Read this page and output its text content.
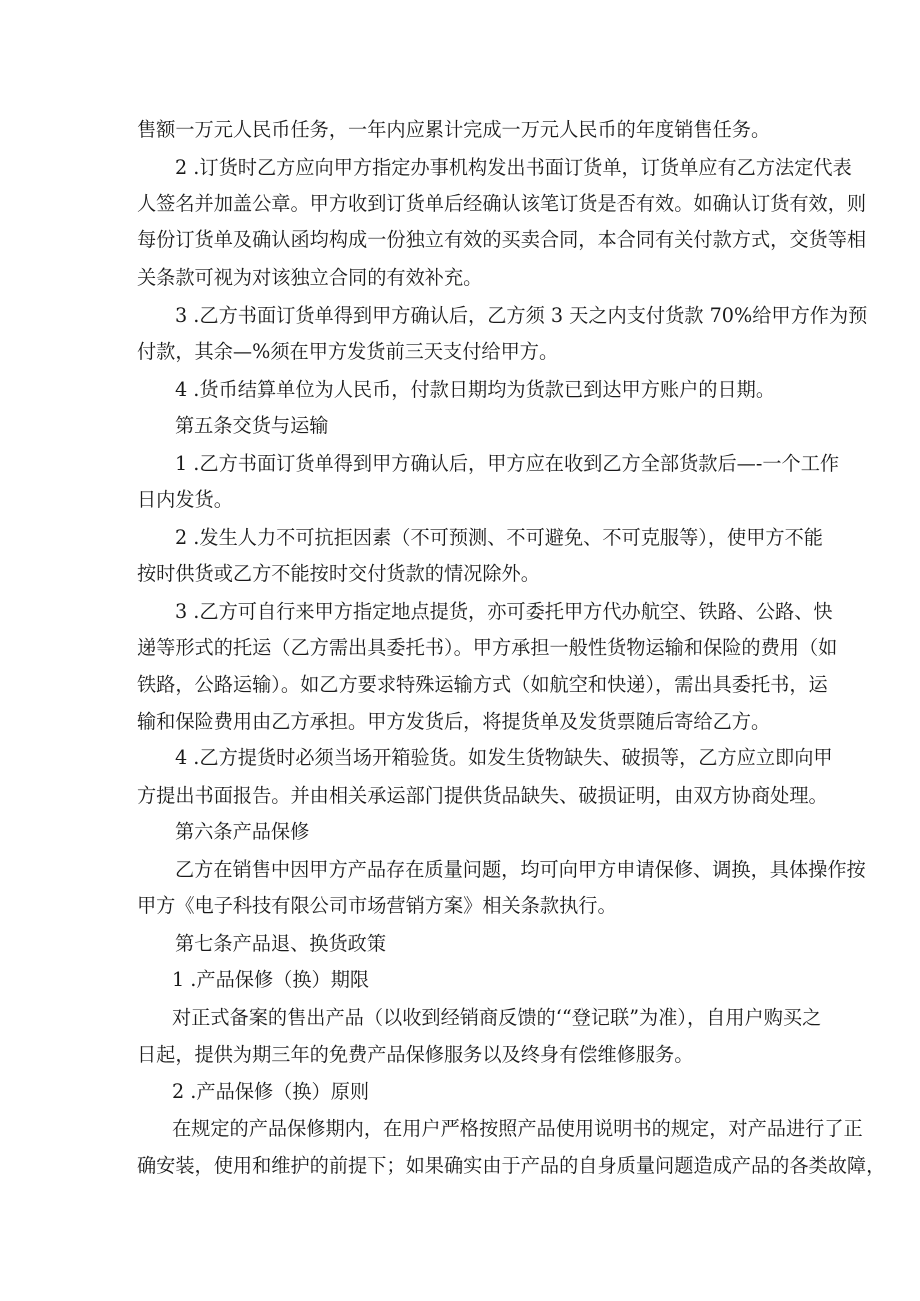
售额一万元人民币任务，一年内应累计完成一万元人民币的年度销售任务。
2 .订货时乙方应向甲方指定办事机构发出书面订货单，订货单应有乙方法定代表
人签名并加盖公章。甲方收到订货单后经确认该笔订货是否有效。如确认订货有效，则
每份订货单及确认函均构成一份独立有效的买卖合同，本合同有关付款方式，交货等相
关条款可视为对该独立合同的有效补充。
3 .乙方书面订货单得到甲方确认后，乙方须 3 天之内支付货款 70%给甲方作为预
付款，其余—%须在甲方发货前三天支付给甲方。
4 .货币结算单位为人民币，付款日期均为货款已到达甲方账户的日期。
第五条交货与运输
1 .乙方书面订货单得到甲方确认后，甲方应在收到乙方全部货款后—-一个工作
日内发货。
2 .发生人力不可抗拒因素（不可预测、不可避免、不可克服等），使甲方不能
按时供货或乙方不能按时交付货款的情况除外。
3 .乙方可自行来甲方指定地点提货，亦可委托甲方代办航空、铁路、公路、快
递等形式的托运（乙方需出具委托书）。甲方承担一般性货物运输和保险的费用（如
铁路，公路运输）。如乙方要求特殊运输方式（如航空和快递），需出具委托书，运
输和保险费用由乙方承担。甲方发货后，将提货单及发货票随后寄给乙方。
4 .乙方提货时必须当场开箱验货。如发生货物缺失、破损等，乙方应立即向甲
方提出书面报告。并由相关承运部门提供货品缺失、破损证明，由双方协商处理。
第六条产品保修
乙方在销售中因甲方产品存在质量问题，均可向甲方申请保修、调换，具体操作按
甲方《电子科技有限公司市场营销方案》相关条款执行。
第七条产品退、换货政策
1 .产品保修（换）期限
对正式备案的售出产品（以收到经销商反馈的‘“登记联”为准），自用户购买之
日起，提供为期三年的免费产品保修服务以及终身有偿维修服务。
2 .产品保修（换）原则
在规定的产品保修期内，在用户严格按照产品使用说明书的规定，对产品进行了正
确安装，使用和维护的前提下；如果确实由于产品的自身质量问题造成产品的各类故障，
